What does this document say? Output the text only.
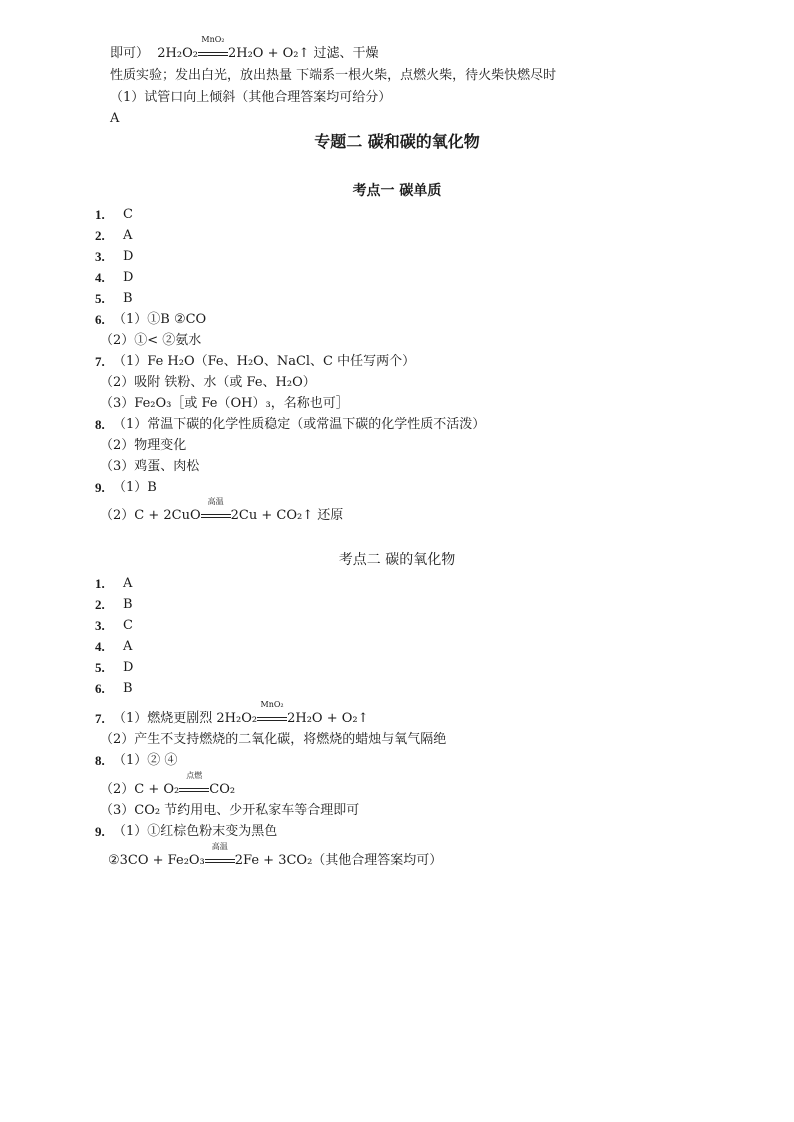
即可）  2H₂O₂
MnO₂
2H₂O + O₂↑ 过滤、干燥
性质实验；发出白光，放出热量 下端系一根火柴，点燃火柴，待火柴快燃尽时
（1）试管口向上倾斜（其他合理答案均可给分）
A
专题二 碳和碳的氧化物
考点一 碳单质
1. C
2. A
3. D
4. D
5. B
6. （1）①B ②CO
（2）①< ②氨水
7. （1）Fe H₂O（Fe、H₂O、NaCl、C 中任写两个）
（2）吸附 铁粉、水（或 Fe、H₂O）
（3）Fe₂O₃［或 Fe（OH）₃，名称也可］
8. （1）常温下碳的化学性质稳定（或常温下碳的化学性质不活泼）
（2）物理变化
（3）鸡蛋、肉松
9. （1）B
（2）C + 2CuO
高温
2Cu + CO₂↑ 还原
考点二 碳的氧化物
1. A
2. B
3. C
4. A
5. D
6. B
7. （1）燃烧更剧烈 2H₂O₂
MnO₂
2H₂O + O₂↑
（2）产生不支持燃烧的二氧化碳，将燃烧的蜡烛与氧气隔绝
8. （1）② ④
（2）C + O₂
点燃
CO₂
（3）CO₂ 节约用电、少开私家车等合理即可
9. （1）①红棕色粉末变为黑色
②3CO + Fe₂O₃
高温
2Fe + 3CO₂（其他合理答案均可）
